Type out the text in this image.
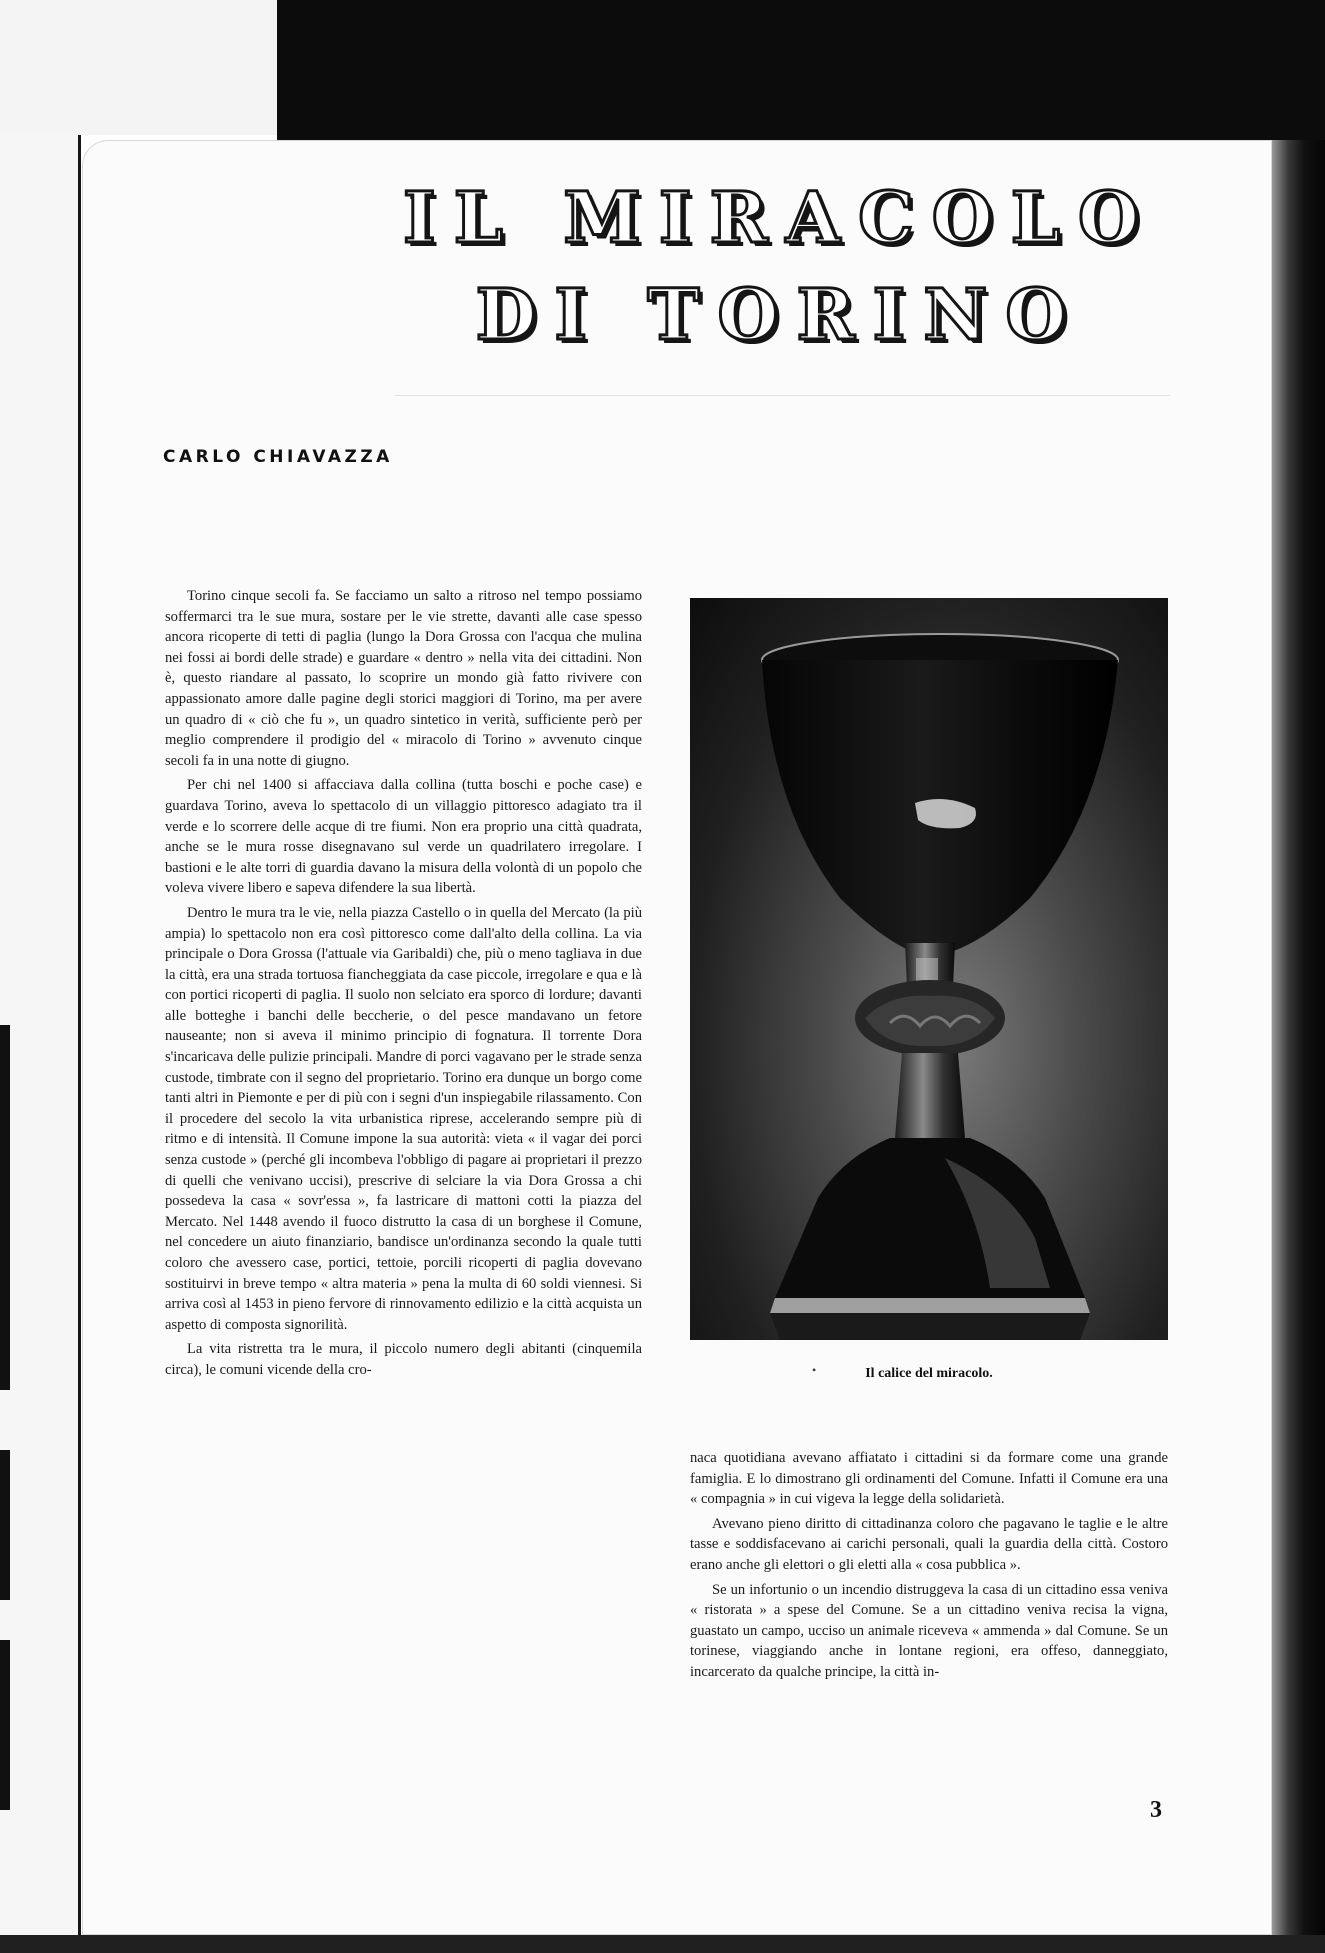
IL MIRACOLO
DI TORINO
CARLO CHIAVAZZA

Torino cinque secoli fa. Se facciamo un salto a ritroso nel tempo possiamo soffermarci tra le sue mura, sostare per le vie strette, davanti alle case spesso ancora ricoperte di tetti di paglia (lungo la Dora Grossa con l'acqua che mulina nei fossi ai bordi delle strade) e guardare « dentro » nella vita dei cittadini. Non è, questo riandare al passato, lo scoprire un mondo già fatto rivivere con appassionato amore dalle pagine degli storici maggiori di Torino, ma per avere un quadro di « ciò che fu », un quadro sintetico in verità, sufficiente però per meglio comprendere il prodigio del « miracolo di Torino » avvenuto cinque secoli fa in una notte di giugno.

Per chi nel 1400 si affacciava dalla collina (tutta boschi e poche case) e guardava Torino, aveva lo spettacolo di un villaggio pittoresco adagiato tra il verde e lo scorrere delle acque di tre fiumi. Non era proprio una città quadrata, anche se le mura rosse disegnavano sul verde un quadrilatero irregolare. I bastioni e le alte torri di guardia davano la misura della volontà di un popolo che voleva vivere libero e sapeva difendere la sua libertà.

Dentro le mura tra le vie, nella piazza Castello o in quella del Mercato (la più ampia) lo spettacolo non era così pittoresco come dall'alto della collina. La via principale o Dora Grossa (l'attuale via Garibaldi) che, più o meno tagliava in due la città, era una strada tortuosa fiancheggiata da case piccole, irregolare e qua e là con portici ricoperti di paglia. Il suolo non selciato era sporco di lordure; davanti alle botteghe i banchi delle beccherie, o del pesce mandavano un fetore nauseante; non si aveva il minimo principio di fognatura. Il torrente Dora s'incaricava delle pulizie principali. Mandre di porci vagavano per le strade senza custode, timbrate con il segno del proprietario. Torino era dunque un borgo come tanti altri in Piemonte e per di più con i segni d'un inspiegabile rilassamento. Con il procedere del secolo la vita urbanistica riprese, accelerando sempre più di ritmo e di intensità. Il Comune impone la sua autorità: vieta « il vagar dei porci senza custode » (perché gli incombeva l'obbligo di pagare ai proprietari il prezzo di quelli che venivano uccisi), prescrive di selciare la via Dora Grossa a chi possedeva la casa « sovr'essa », fa lastricare di mattoni cotti la piazza del Mercato. Nel 1448 avendo il fuoco distrutto la casa di un borghese il Comune, nel concedere un aiuto finanziario, bandisce un'ordinanza secondo la quale tutti coloro che avessero case, portici, tettoie, porcili ricoperti di paglia dovevano sostituirvi in breve tempo « altra materia » pena la multa di 60 soldi viennesi. Si arriva così al 1453 in pieno fervore di rinnovamento edilizio e la città acquista un aspetto di composta signorilità.

La vita ristretta tra le mura, il piccolo numero degli abitanti (cinquemila circa), le comuni vicende della cro-	•	Il calice del miracolo.

naca quotidiana avevano affiatato i cittadini si da formare come una grande famiglia. E lo dimostrano gli ordinamenti del Comune. Infatti il Comune era una « compagnia » in cui vigeva la legge della solidarietà.

Avevano pieno diritto di cittadinanza coloro che pagavano le taglie e le altre tasse e soddisfacevano ai carichi personali, quali la guardia della città. Costoro erano anche gli elettori o gli eletti alla « cosa pubblica ».

Se un infortunio o un incendio distruggeva la casa di un cittadino essa veniva « ristorata » a spese del Comune. Se a un cittadino veniva recisa la vigna, guastato un campo, ucciso un animale riceveva « ammenda » dal Comune. Se un torinese, viaggiando anche in lontane regioni, era offeso, danneggiato, incarcerato da qualche principe, la città in-

3
